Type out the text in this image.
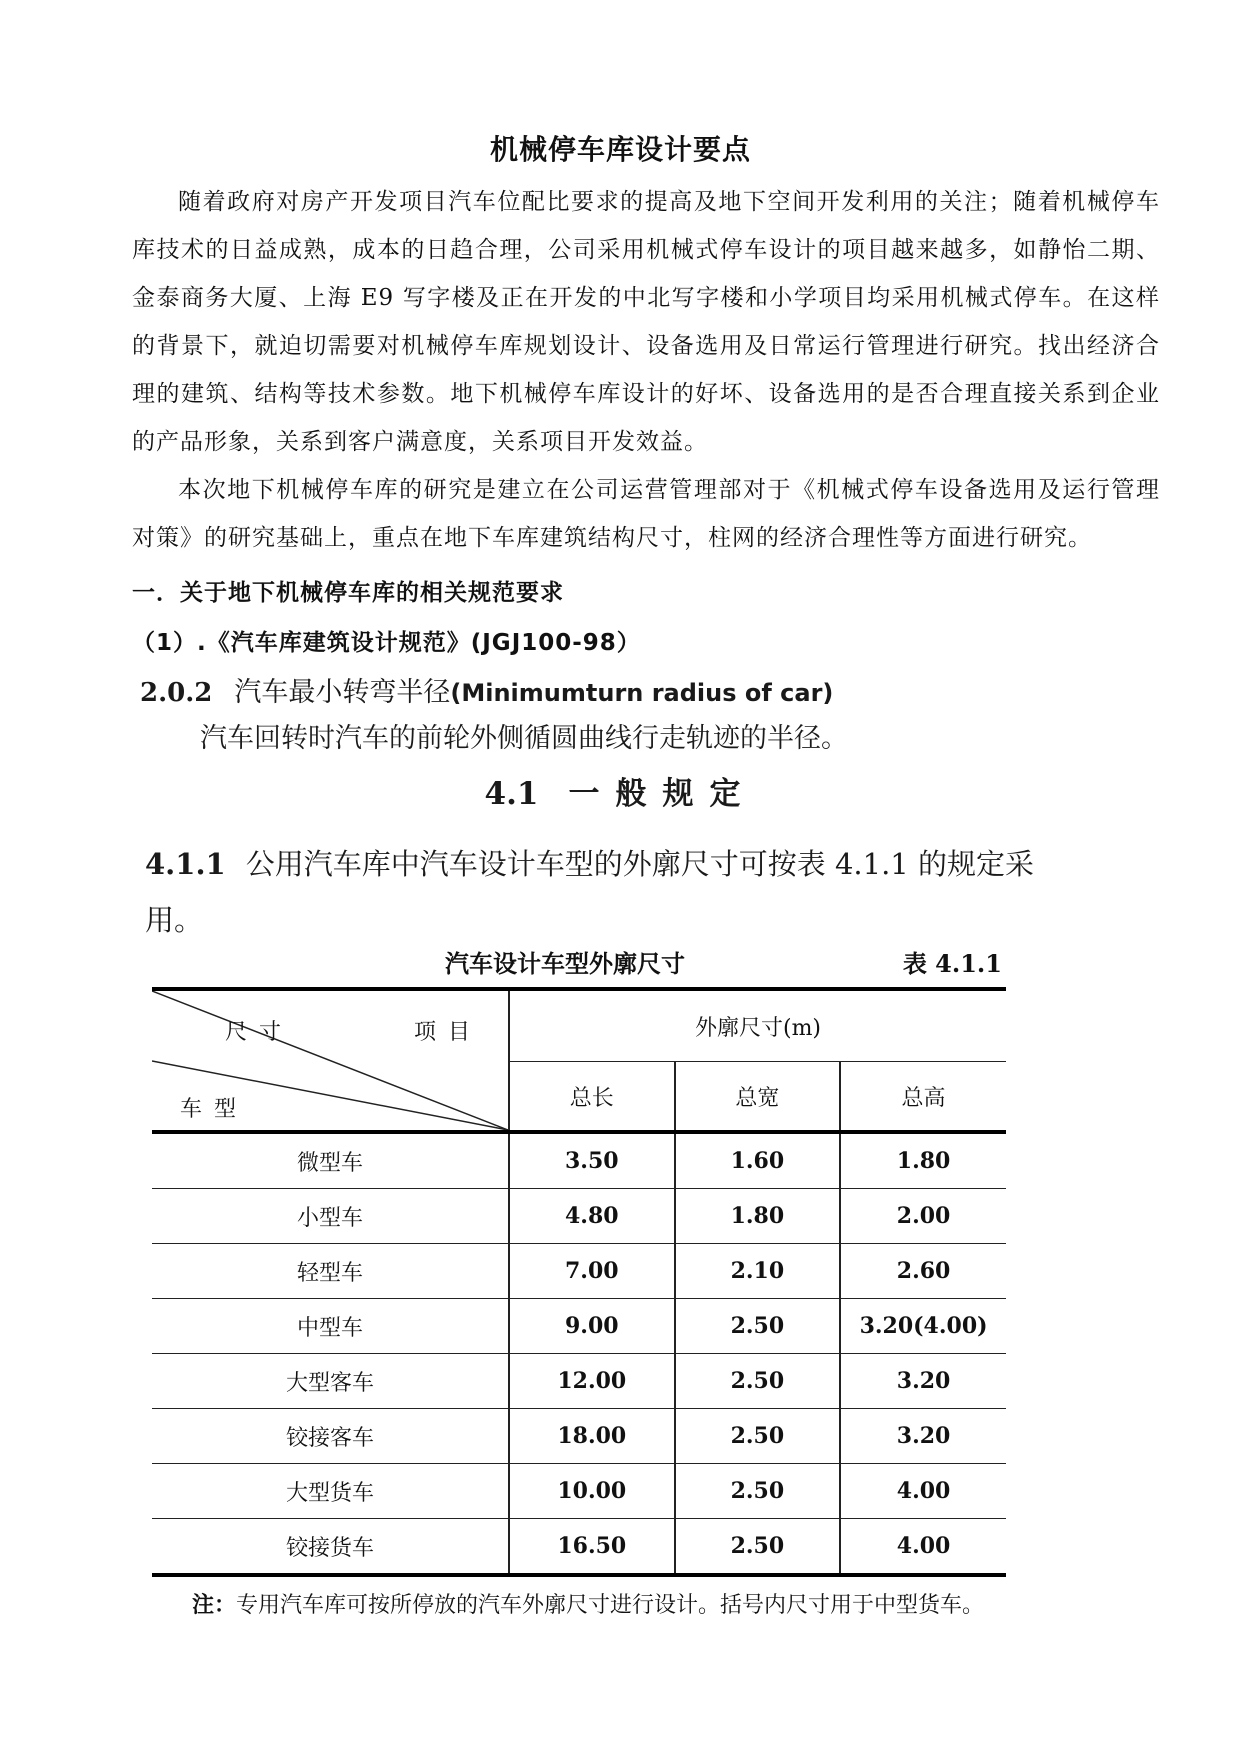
机械停车库设计要点

随着政府对房产开发项目汽车位配比要求的提高及地下空间开发利用的关注；随着机械停车库技术的日益成熟，成本的日趋合理，公司采用机械式停车设计的项目越来越多，如静怡二期、金泰商务大厦、上海 E9 写字楼及正在开发的中北写字楼和小学项目均采用机械式停车。在这样的背景下，就迫切需要对机械停车库规划设计、设备选用及日常运行管理进行研究。找出经济合理的建筑、结构等技术参数。地下机械停车库设计的好坏、设备选用的是否合理直接关系到企业的产品形象，关系到客户满意度，关系项目开发效益。

本次地下机械停车库的研究是建立在公司运营管理部对于《机械式停车设备选用及运行管理对策》的研究基础上，重点在地下车库建筑结构尺寸，柱网的经济合理性等方面进行研究。

一．关于地下机械停车库的相关规范要求
（1）.《汽车库建筑设计规范》(JGJ100-98）
2.0.2 汽车最小转弯半径(Minimumturn radius of car)
汽车回转时汽车的前轮外侧循圆曲线行走轨迹的半径。
4.1 一般规定
4.1.1 公用汽车库中汽车设计车型的外廓尺寸可按表 4.1.1 的规定采用。
汽车设计车型外廓尺寸	表 4.1.1
尺寸 项目
车型	外廓尺寸(m)		
	总长	总宽	总高
微型车	3.50	1.60	1.80
小型车	4.80	1.80	2.00
轻型车	7.00	2.10	2.60
中型车	9.00	2.50	3.20(4.00)
大型客车	12.00	2.50	3.20
铰接客车	18.00	2.50	3.20
大型货车	10.00	2.50	4.00
铰接货车	16.50	2.50	4.00
注：专用汽车库可按所停放的汽车外廓尺寸进行设计。括号内尺寸用于中型货车。
